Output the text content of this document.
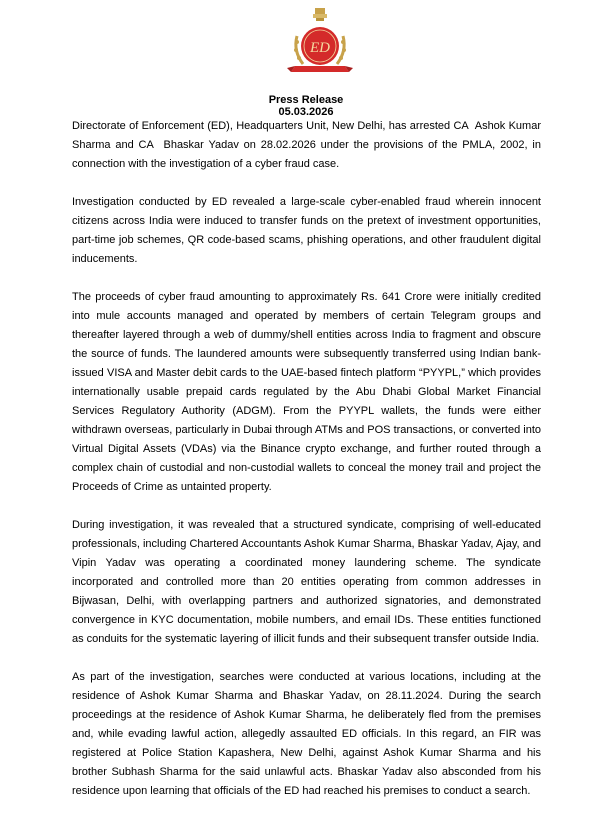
ED
Press Release
05.03.2026

Directorate of Enforcement (ED), Headquarters Unit, New Delhi, has arrested CA  Ashok Kumar Sharma and CA  Bhaskar Yadav on 28.02.2026 under the provisions of the PMLA, 2002, in connection with the investigation of a cyber fraud case.

Investigation conducted by ED revealed a large-scale cyber-enabled fraud wherein innocent citizens across India were induced to transfer funds on the pretext of investment opportunities, part-time job schemes, QR code-based scams, phishing operations, and other fraudulent digital inducements.

The proceeds of cyber fraud amounting to approximately Rs. 641 Crore were initially credited into mule accounts managed and operated by members of certain Telegram groups and thereafter layered through a web of dummy/shell entities across India to fragment and obscure the source of funds. The laundered amounts were subsequently transferred using Indian bank-issued VISA and Master debit cards to the UAE-based fintech platform “PYYPL,” which provides internationally usable prepaid cards regulated by the Abu Dhabi Global Market Financial Services Regulatory Authority (ADGM). From the PYYPL wallets, the funds were either withdrawn overseas, particularly in Dubai through ATMs and POS transactions, or converted into Virtual Digital Assets (VDAs) via the Binance crypto exchange, and further routed through a complex chain of custodial and non-custodial wallets to conceal the money trail and project the Proceeds of Crime as untainted property.

During investigation, it was revealed that a structured syndicate, comprising of well-educated professionals, including Chartered Accountants Ashok Kumar Sharma, Bhaskar Yadav, Ajay, and Vipin Yadav was operating a coordinated money laundering scheme. The syndicate incorporated and controlled more than 20 entities operating from common addresses in Bijwasan, Delhi, with overlapping partners and authorized signatories, and demonstrated convergence in KYC documentation, mobile numbers, and email IDs. These entities functioned as conduits for the systematic layering of illicit funds and their subsequent transfer outside India.

As part of the investigation, searches were conducted at various locations, including at the residence of Ashok Kumar Sharma and Bhaskar Yadav, on 28.11.2024. During the search proceedings at the residence of Ashok Kumar Sharma, he deliberately fled from the premises and, while evading lawful action, allegedly assaulted ED officials. In this regard, an FIR was registered at Police Station Kapashera, New Delhi, against Ashok Kumar Sharma and his brother Subhash Sharma for the said unlawful acts. Bhaskar Yadav also absconded from his residence upon learning that officials of the ED had reached his premises to conduct a search.
